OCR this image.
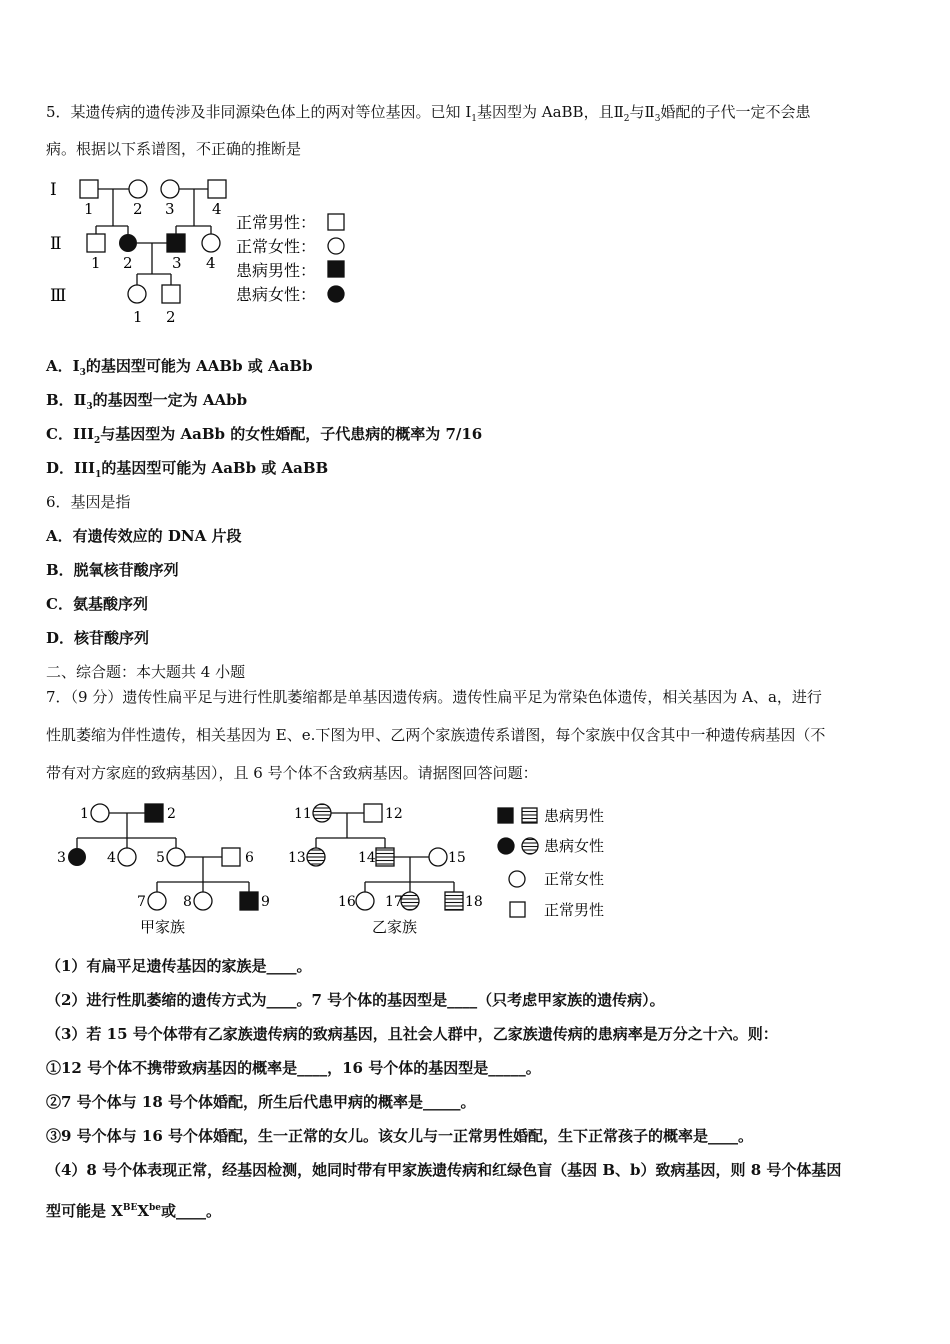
5．某遗传病的遗传涉及非同源染色体上的两对等位基因。已知 $I_1$基因型为 AaBB，且$Ⅱ_2$与$Ⅱ_3$婚配的子代一定不会患
病。根据以下系谱图，不正确的推断是
Ⅰ
Ⅱ
Ⅲ
1	2 3 4
1 2	3 4
1 2
正常男性：
正常女性：
患病男性：
患病女性：
A．$Ⅰ_3$的基因型可能为 AABb 或 AaBb
B．$Ⅱ_3$的基因型一定为 AAbb
C．$III_2$与基因型为 AaBb 的女性婚配，子代患病的概率为 7/16
D．$III_1$的基因型可能为 AaBb 或 AaBB
6．基因是指
A．有遗传效应的 DNA 片段
B．脱氧核苷酸序列
C．氨基酸序列
D．核苷酸序列
二、综合题：本大题共 4 小题
7．（9 分）遗传性扁平足与进行性肌萎缩都是单基因遗传病。遗传性扁平足为常染色体遗传，相关基因为 A、a，进行
性肌萎缩为伴性遗传，相关基因为 E、e.下图为甲、乙两个家族遗传系谱图，每个家族中仅含其中一种遗传病基因（不
带有对方家庭的致病基因），且 6 号个体不含致病基因。请据图回答问题：
1	2
3	4	5	6
7	8	9
11	12
13	14	15
16 17	18
甲家族	乙家族
患病男性
患病女性
正常女性
正常男性
（1）有扁平足遗传基因的家族是____。
（2）进行性肌萎缩的遗传方式为____。7 号个体的基因型是____（只考虑甲家族的遗传病）。
（3）若 15 号个体带有乙家族遗传病的致病基因，且社会人群中，乙家族遗传病的患病率是万分之十六。则：
①12 号个体不携带致病基因的概率是____，16 号个体的基因型是_____。
②7 号个体与 18 号个体婚配，所生后代患甲病的概率是_____。
③9 号个体与 16 号个体婚配，生一正常的女儿。该女儿与一正常男性婚配，生下正常孩子的概率是____。
（4）8 号个体表现正常，经基因检测，她同时带有甲家族遗传病和红绿色盲（基因 B、b）致病基因，则 8 号个体基因
型可能是 $X^{BE}X^{be}$或____。
